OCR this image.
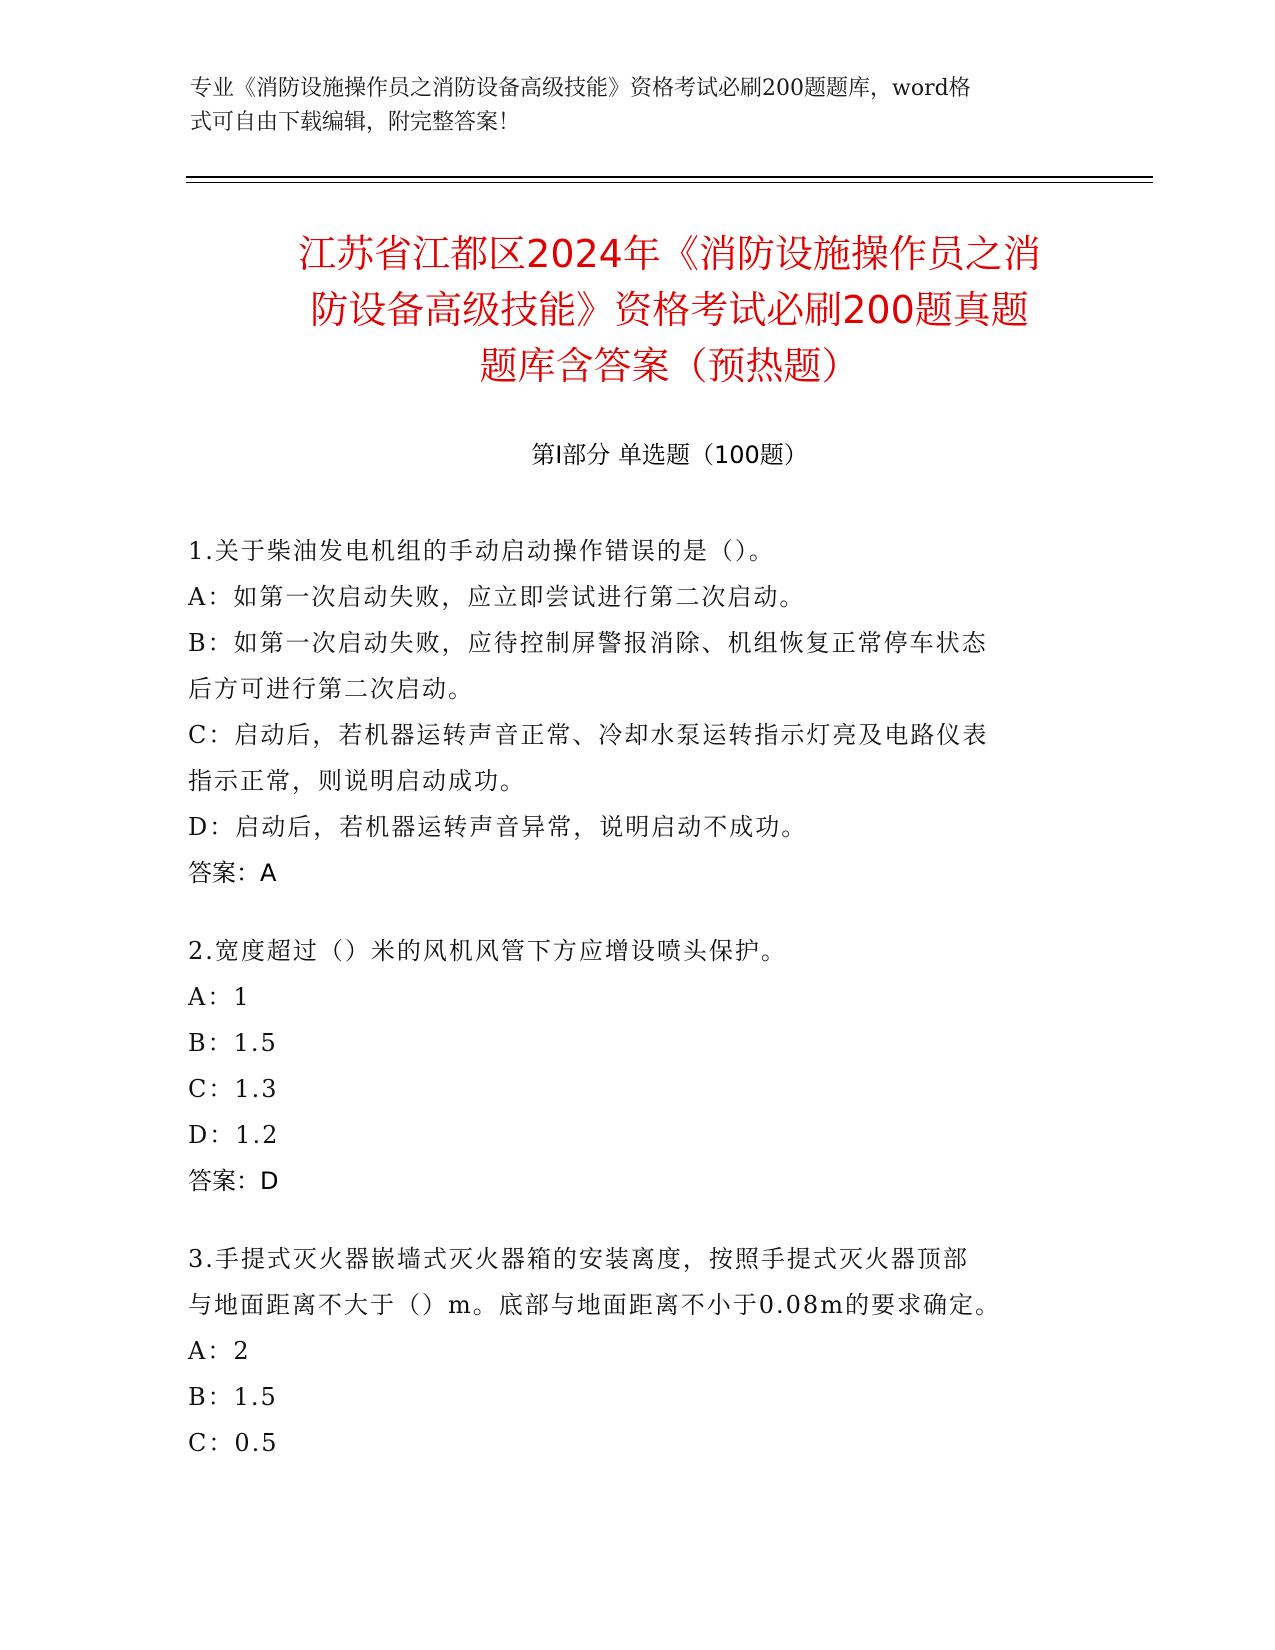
专业《消防设施操作员之消防设备高级技能》资格考试必刷200题题库，word格
式可自由下载编辑，附完整答案！
江苏省江都区2024年《消防设施操作员之消
防设备高级技能》资格考试必刷200题真题
题库含答案（预热题）
第Ⅰ部分 单选题（100题）
1.关于柴油发电机组的手动启动操作错误的是（）。
A：如第一次启动失败，应立即尝试进行第二次启动。
B：如第一次启动失败，应待控制屏警报消除、机组恢复正常停车状态
后方可进行第二次启动。
C：启动后，若机器运转声音正常、冷却水泵运转指示灯亮及电路仪表
指示正常，则说明启动成功。
D：启动后，若机器运转声音异常，说明启动不成功。
答案：A
2.宽度超过（）米的风机风管下方应增设喷头保护。
A：1
B：1.5
C：1.3
D：1.2
答案：D
3.手提式灭火器嵌墙式灭火器箱的安装离度，按照手提式灭火器顶部
与地面距离不大于（）m。底部与地面距离不小于0.08m的要求确定。
A：2
B：1.5
C：0.5
